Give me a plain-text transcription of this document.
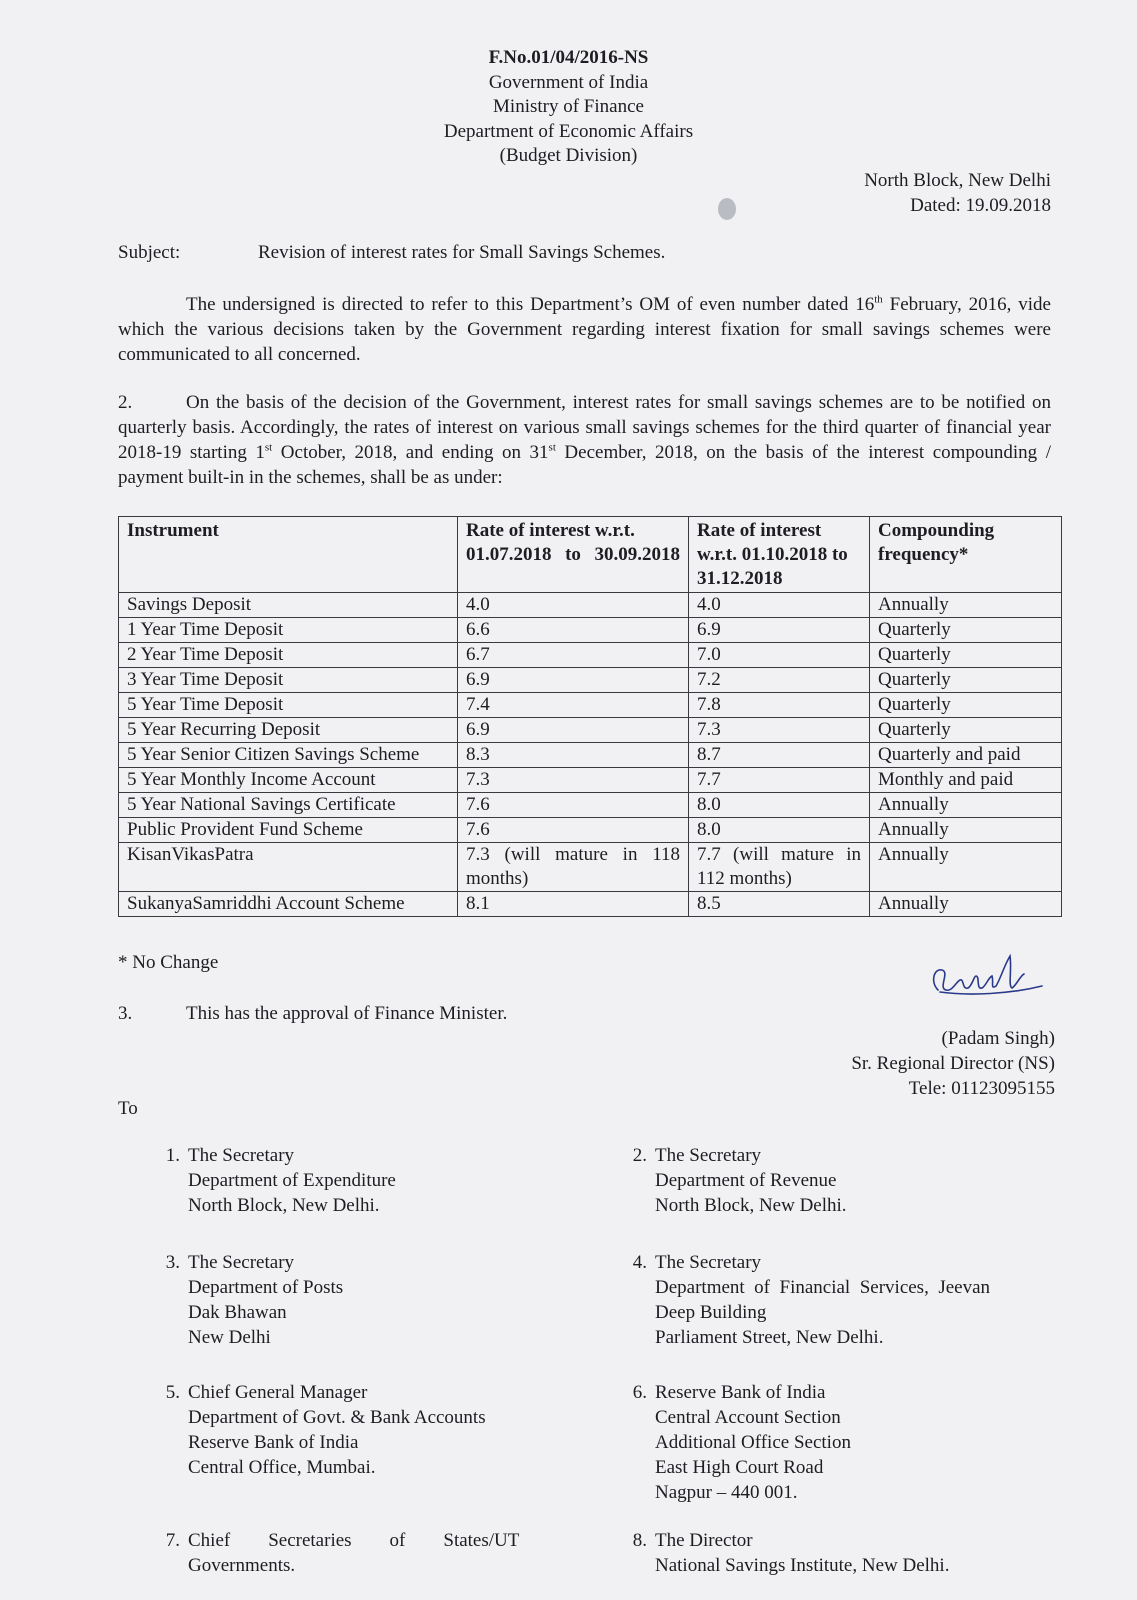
F.No.01/04/2016-NS
Government of India
Ministry of Finance
Department of Economic Affairs
(Budget Division)
North Block, New Delhi
Dated: 19.09.2018
Subject:	Revision of interest rates for Small Savings Schemes.
The undersigned is directed to refer to this Department’s OM of even number dated 16th February, 2016, vide which the various decisions taken by the Government regarding interest fixation for small savings schemes were communicated to all concerned.
2.	On the basis of the decision of the Government, interest rates for small savings schemes are to be notified on quarterly basis. Accordingly, the rates of interest on various small savings schemes for the third quarter of financial year 2018-19 starting 1st October, 2018, and ending on 31st December, 2018, on the basis of the interest compounding / payment built-in in the schemes, shall be as under:
Instrument	Rate of interest w.r.t. 01.07.2018 to 30.09.2018	Rate of interest w.r.t. 01.10.2018 to 31.12.2018	Compounding frequency*
Savings Deposit	4.0	4.0	Annually
1 Year Time Deposit	6.6	6.9	Quarterly
2 Year Time Deposit	6.7	7.0	Quarterly
3 Year Time Deposit	6.9	7.2	Quarterly
5 Year Time Deposit	7.4	7.8	Quarterly
5 Year Recurring Deposit	6.9	7.3	Quarterly
5 Year Senior Citizen Savings Scheme	8.3	8.7	Quarterly and paid
5 Year Monthly Income Account	7.3	7.7	Monthly and paid
5 Year National Savings Certificate	7.6	8.0	Annually
Public Provident Fund Scheme	7.6	8.0	Annually
KisanVikasPatra	7.3 (will mature in 118 months)	7.7 (will mature in 112 months)	Annually
SukanyaSamriddhi Account Scheme	8.1	8.5	Annually
* No Change
3.	This has the approval of Finance Minister.
(Padam Singh)
Sr. Regional Director (NS)
Tele: 01123095155
To
1. The Secretary
Department of Expenditure
North Block, New Delhi.
2. The Secretary
Department of Revenue
North Block, New Delhi.
3. The Secretary
Department of Posts
Dak Bhawan
New Delhi
4. The Secretary
Department  of  Financial  Services,  Jeevan
Deep Building
Parliament Street, New Delhi.
5. Chief General Manager
Department of Govt. & Bank Accounts
Reserve Bank of India
Central Office, Mumbai.
6. Reserve Bank of India
Central Account Section
Additional Office Section
East High Court Road
Nagpur – 440 001.
7. Chief        Secretaries        of        States/UT
Governments.
8. The Director
National Savings Institute, New Delhi.
